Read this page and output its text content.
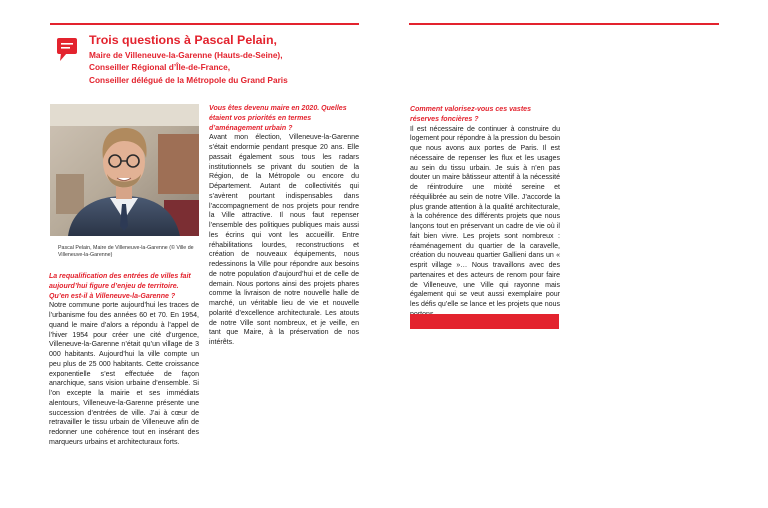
Trois questions à Pascal Pelain,

Maire de Villeneuve-la-Garenne (Hauts-de-Seine),

Conseiller Régional d’Île-de-France,

Conseiller délégué de la Métropole du Grand Paris

Pascal Pelain, Maire de Villeneuve-la-Garenne (© Ville de Villeneuve-la-Garenne)

La requalification des entrées de villes fait aujourd’hui figure d’enjeu de territoire. Qu’en est-il à Villeneuve-la-Garenne ?

Notre commune porte aujourd’hui les traces de l’urbanisme fou des années 60 et 70. En 1954, quand le maire d’alors a répondu à l’appel de l’hiver 1954 pour créer une cité d’urgence, Villeneuve-la-Garenne n’était qu’un village de 3 000 habitants. Aujourd’hui la ville compte un peu plus de 25 000 habitants. Cette croissance exponentielle s’est effectuée de façon anarchique, sans vision urbaine d’ensemble. Si l’on excepte la mairie et ses immédiats alentours, Villeneuve-la-Garenne présente une succession d’entrées de ville. J’ai à cœur de retravailler le tissu urbain de Villeneuve afin de redonner une cohérence tout en insérant des marqueurs urbains et architecturaux forts.

Vous êtes devenu maire en 2020. Quelles étaient vos priorités en termes d’aménagement urbain ?

Avant mon élection, Villeneuve-la-Garenne s’était endormie pendant presque 20 ans. Elle passait également sous tous les radars institutionnels se privant du soutien de la Région, de la Métropole ou encore du Département. Autant de collectivités qui s’avèrent pourtant indispensables dans l’accompagnement de nos projets pour rendre la Ville attractive. Il nous faut repenser l’ensemble des politiques publiques mais aussi les écrins qui vont les accueillir. Entre réhabilitations lourdes, reconstructions et création de nouveaux équipements, nous redessinons la Ville pour répondre aux besoins de notre population d’aujourd’hui et de celle de demain. Nous portons ainsi des projets phares comme la livraison de notre nouvelle halle de marché, un véritable lieu de vie et nouvelle polarité d’excellence architecturale. Les atouts de notre Ville sont nombreux, et je veille, en tant que Maire, à la préservation de nos intérêts.

Comment valorisez-vous ces vastes réserves foncières ?

Il est nécessaire de continuer à construire du logement pour répondre à la pression du besoin que nous avons aux portes de Paris. Il est nécessaire de repenser les flux et les usages au sein du tissu urbain. Je suis à n’en pas douter un maire bâtisseur attentif à la nécessité de réintroduire une mixité sereine et rééquilibrée au sein de notre Ville. J’accorde la plus grande attention à la qualité architecturale, à la cohérence des différents projets que nous lançons tout en préservant un cadre de vie où il fait bien vivre. Les projets sont nombreux : réaménagement du quartier de la caravelle, création du nouveau quartier Gallieni dans un « esprit village »… Nous travaillons avec des partenaires et des acteurs de renom pour faire de Villeneuve, une Ville qui rayonne mais également qui se veut aussi exemplaire pour les défis qu’elle se lance et les projets que nous
